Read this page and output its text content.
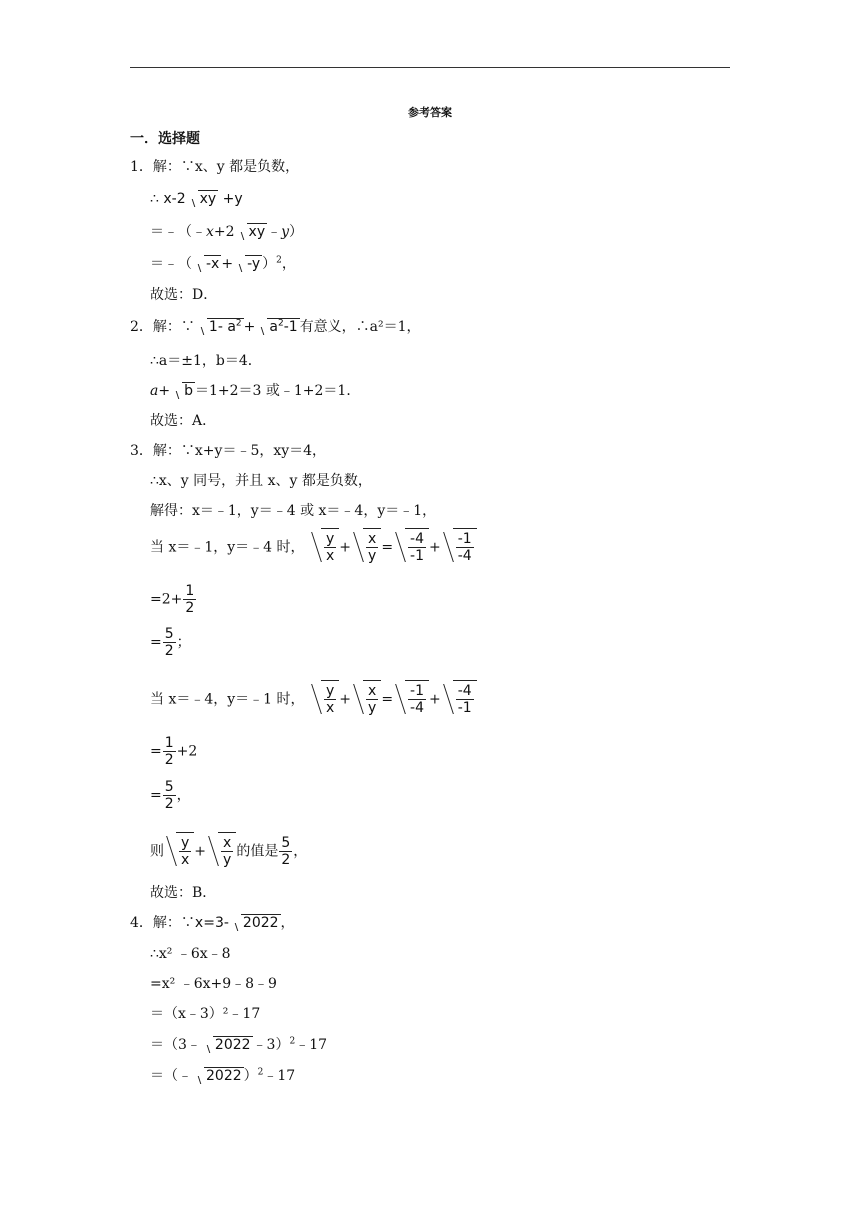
参考答案
一．选择题
1．解：∵x、y 都是负数，
∴ x-2 xy +y
＝﹣（﹣x+2 xy ﹣y）
＝﹣（ -x + -y ）$^2$，
故选：D．
2．解：∵ 1- $a^2 + a^2-1$ 有意义，∴a²＝1，
∴a＝±1，b＝4．
a+ b ＝1+2＝3 或﹣1+2＝1．
故选：A．
3．解：∵x+y＝﹣5，xy＝4，
∴x、y 同号，并且 x、y 都是负数，
解得：x＝﹣1，y＝﹣4 或 x＝﹣4，y＝﹣1，
当 x＝﹣1，y＝﹣4 时， $\frac{y}{x} + \frac{x}{y} = \frac{-4}{-1} + \frac{-1}{-4}$
$=2+ \frac{1}{2}$
= $\frac{5}{2}$ ；
当 x＝﹣4，y＝﹣1 时， $\frac{y}{x} + \frac{x}{y} = \frac{-1}{-4} + \frac{-4}{-1}$
= $\frac{1}{2} +2$
= $\frac{5}{2}$ ，
则 $\frac{y}{x} + \frac{x}{y}$ 的值是 $\frac{5}{2}$ ，
故选：B．
4．解：∵x=3- 2022 ，
∴x² ﹣6x﹣8
=x² ﹣6x+9﹣8﹣9
＝（x﹣3）²﹣17
＝（3﹣ 2022 ﹣3）$^2$﹣17
＝（﹣ 2022 ）$^2$﹣17
